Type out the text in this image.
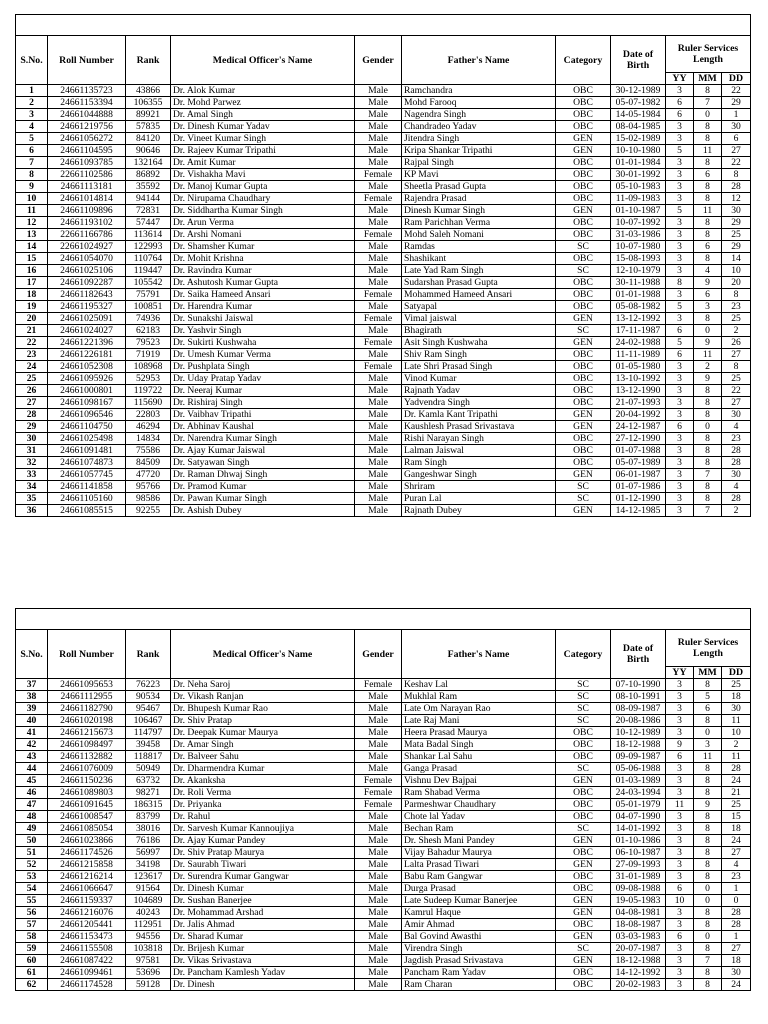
S.No.	Roll Number	Rank	Medical Officer's Name	Gender	Father's Name	Category	Date of Birth	Ruler Services Length		
								YY	MM	DD

1	24661135723	43866	Dr. Alok Kumar	Male	Ramchandra	OBC	30-12-1989	3	8	22
2	24661153394	106355	Dr. Mohd Parwez	Male	Mohd Farooq	OBC	05-07-1982	6	7	29
3	24661044888	89921	Dr. Amal Singh	Male	Nagendra Singh	OBC	14-05-1984	6	0	1
4	24661219756	57835	Dr. Dinesh Kumar Yadav	Male	Chandradeo Yadav	OBC	08-04-1985	3	8	30
5	24661056272	84120	Dr. Vineet Kumar Singh	Male	Jitendra Singh	GEN	15-02-1989	3	8	6
6	24661104595	90646	Dr. Rajeev Kumar Tripathi	Male	Kripa Shankar Tripathi	GEN	10-10-1980	5	11	27
7	24661093785	132164	Dr. Amit Kumar	Male	Rajpal Singh	OBC	01-01-1984	3	8	22
8	22661102586	86892	Dr. Vishakha Mavi	Female	KP Mavi	OBC	30-01-1992	3	6	8
9	24661113181	35592	Dr. Manoj Kumar Gupta	Male	Sheetla Prasad Gupta	OBC	05-10-1983	3	8	28
10	24661014814	94144	Dr. Nirupama Chaudhary	Female	Rajendra Prasad	OBC	11-09-1983	3	8	12
11	24661109896	72831	Dr. Siddhartha Kumar Singh	Male	Dinesh Kumar Singh	GEN	01-10-1987	5	11	30
12	24661193102	57447	Dr. Arun Verma	Male	Ram Parichhan Verma	OBC	10-07-1992	3	8	29
13	22661166786	113614	Dr. Arshi Nomani	Female	Mohd Saleh Nomani	OBC	31-03-1986	3	8	25
14	22661024927	122993	Dr. Shamsher Kumar	Male	Ramdas	SC	10-07-1980	3	6	29
15	24661054070	110764	Dr. Mohit Krishna	Male	Shashikant	OBC	15-08-1993	3	8	14
16	24661025106	119447	Dr. Ravindra Kumar	Male	Late Yad Ram Singh	SC	12-10-1979	3	4	10
17	24661092287	105542	Dr. Ashutosh Kumar Gupta	Male	Sudarshan Prasad Gupta	OBC	30-11-1988	8	9	20
18	24661182643	75791	Dr. Saika Hameed Ansari	Female	Mohammed Hameed Ansari	OBC	01-01-1988	3	6	8
19	24661195327	100851	Dr. Harendra Kumar	Male	Satyapal	OBC	05-08-1982	5	3	23
20	24661025091	74936	Dr. Sunakshi Jaiswal	Female	Vimal jaiswal	GEN	13-12-1992	3	8	25
21	24661024027	62183	Dr. Yashvir Singh	Male	Bhagirath	SC	17-11-1987	6	0	2
22	24661221396	79523	Dr. Sukirti Kushwaha	Female	Asit Singh Kushwaha	GEN	24-02-1988	5	9	26
23	24661226181	71919	Dr. Umesh Kumar Verma	Male	Shiv Ram Singh	OBC	11-11-1989	6	11	27
24	24661052308	108968	Dr. Pushplata Singh	Female	Late Shri Prasad Singh	OBC	01-05-1980	3	2	8
25	24661095926	52953	Dr. Uday Pratap Yadav	Male	Vinod Kumar	OBC	13-10-1992	3	9	25
26	24661000801	119722	Dr. Neeraj Kumar	Male	Rajnath Yadav	OBC	13-12-1990	3	8	22
27	24661098167	115690	Dr. Rishiraj Singh	Male	Yadvendra Singh	OBC	21-07-1993	3	8	27
28	24661096546	22803	Dr. Vaibhav Tripathi	Male	Dr. Kamla Kant Tripathi	GEN	20-04-1992	3	8	30
29	24661104750	46294	Dr. Abhinav Kaushal	Male	Kaushlesh Prasad Srivastava	GEN	24-12-1987	6	0	4
30	24661025498	14834	Dr. Narendra Kumar Singh	Male	Rishi Narayan Singh	OBC	27-12-1990	3	8	23
31	24661091481	75586	Dr. Ajay Kumar Jaiswal	Male	Lalman Jaiswal	OBC	01-07-1988	3	8	28
32	24661074873	84509	Dr. Satyawan Singh	Male	Ram Singh	OBC	05-07-1989	3	8	28
33	24661057745	47720	Dr. Raman Dhwaj Singh	Male	Gangeshwar Singh	GEN	06-01-1987	3	7	30
34	24661141858	95766	Dr. Pramod Kumar	Male	Shriram	SC	01-07-1986	3	8	4
35	24661105160	98586	Dr. Pawan Kumar Singh	Male	Puran Lal	SC	01-12-1990	3	8	28
36	24661085515	92255	Dr. Ashish Dubey	Male	Rajnath Dubey	GEN	14-12-1985	3	7	2

S.No.	Roll Number	Rank	Medical Officer's Name	Gender	Father's Name	Category	Date of Birth	Ruler Services Length		
								YY	MM	DD

37	24661095653	76223	Dr. Neha Saroj	Female	Keshav Lal	SC	07-10-1990	3	8	25
38	24661112955	90534	Dr. Vikash Ranjan	Male	Mukhlal Ram	SC	08-10-1991	3	5	18
39	24661182790	95467	Dr. Bhupesh Kumar Rao	Male	Late Om Narayan Rao	SC	08-09-1987	3	6	30
40	24661020198	106467	Dr. Shiv Pratap	Male	Late Raj Mani	SC	20-08-1986	3	8	11
41	24661215673	114797	Dr. Deepak Kumar Maurya	Male	Heera Prasad Maurya	OBC	10-12-1989	3	0	10
42	24661098497	39458	Dr. Amar Singh	Male	Mata Badal Singh	OBC	18-12-1988	9	3	2
43	24661132882	118817	Dr. Balveer Sahu	Male	Shankar Lal Sahu	OBC	09-09-1987	6	11	11
44	24661076009	50949	Dr. Dharmendra Kumar	Male	Ganga Prasad	SC	05-06-1988	3	8	28
45	24661150236	63732	Dr. Akanksha	Female	Vishnu Dev Bajpai	GEN	01-03-1989	3	8	24
46	24661089803	98271	Dr. Roli Verma	Female	Ram Shabad Verma	OBC	24-03-1994	3	8	21
47	24661091645	186315	Dr. Priyanka	Female	Parmeshwar Chaudhary	OBC	05-01-1979	11	9	25
48	24661008547	83799	Dr. Rahul	Male	Chote lal Yadav	OBC	04-07-1990	3	8	15
49	24661085054	38016	Dr. Sarvesh Kumar Kannoujiya	Male	Bechan Ram	SC	14-01-1992	3	8	18
50	24661023866	76186	Dr. Ajay Kumar Pandey	Male	Dr. Shesh Mani Pandey	GEN	01-10-1986	3	8	24
51	24661174526	56997	Dr. Shiv Pratap Maurya	Male	Vijay Bahadur Maurya	OBC	06-10-1987	3	8	27
52	24661215858	34198	Dr. Saurabh Tiwari	Male	Lalta Prasad Tiwari	GEN	27-09-1993	3	8	4
53	24661216214	123617	Dr. Surendra Kumar Gangwar	Male	Babu Ram Gangwar	OBC	31-01-1989	3	8	23
54	24661066647	91564	Dr. Dinesh Kumar	Male	Durga Prasad	OBC	09-08-1988	6	0	1
55	24661159337	104689	Dr. Sushan Banerjee	Male	Late Sudeep Kumar Banerjee	GEN	19-05-1983	10	0	0
56	24661216076	40243	Dr. Mohammad Arshad	Male	Kamrul Haque	GEN	04-08-1981	3	8	28
57	24661205441	112951	Dr. Jalis Ahmad	Male	Amir Ahmad	OBC	18-08-1987	3	8	28
58	24661153473	94556	Dr. Sharad Kumar	Male	Bal Govind Awasthi	GEN	03-03-1983	6	0	1
59	24661155508	103818	Dr. Brijesh Kumar	Male	Virendra Singh	SC	20-07-1987	3	8	27
60	24661087422	97581	Dr. Vikas Srivastava	Male	Jagdish Prasad Srivastava	GEN	18-12-1988	3	7	18
61	24661099461	53696	Dr. Pancham Kamlesh Yadav	Male	Pancham Ram Yadav	OBC	14-12-1992	3	8	30
62	24661174528	59128	Dr. Dinesh	Male	Ram Charan	OBC	20-02-1983	3	8	24
